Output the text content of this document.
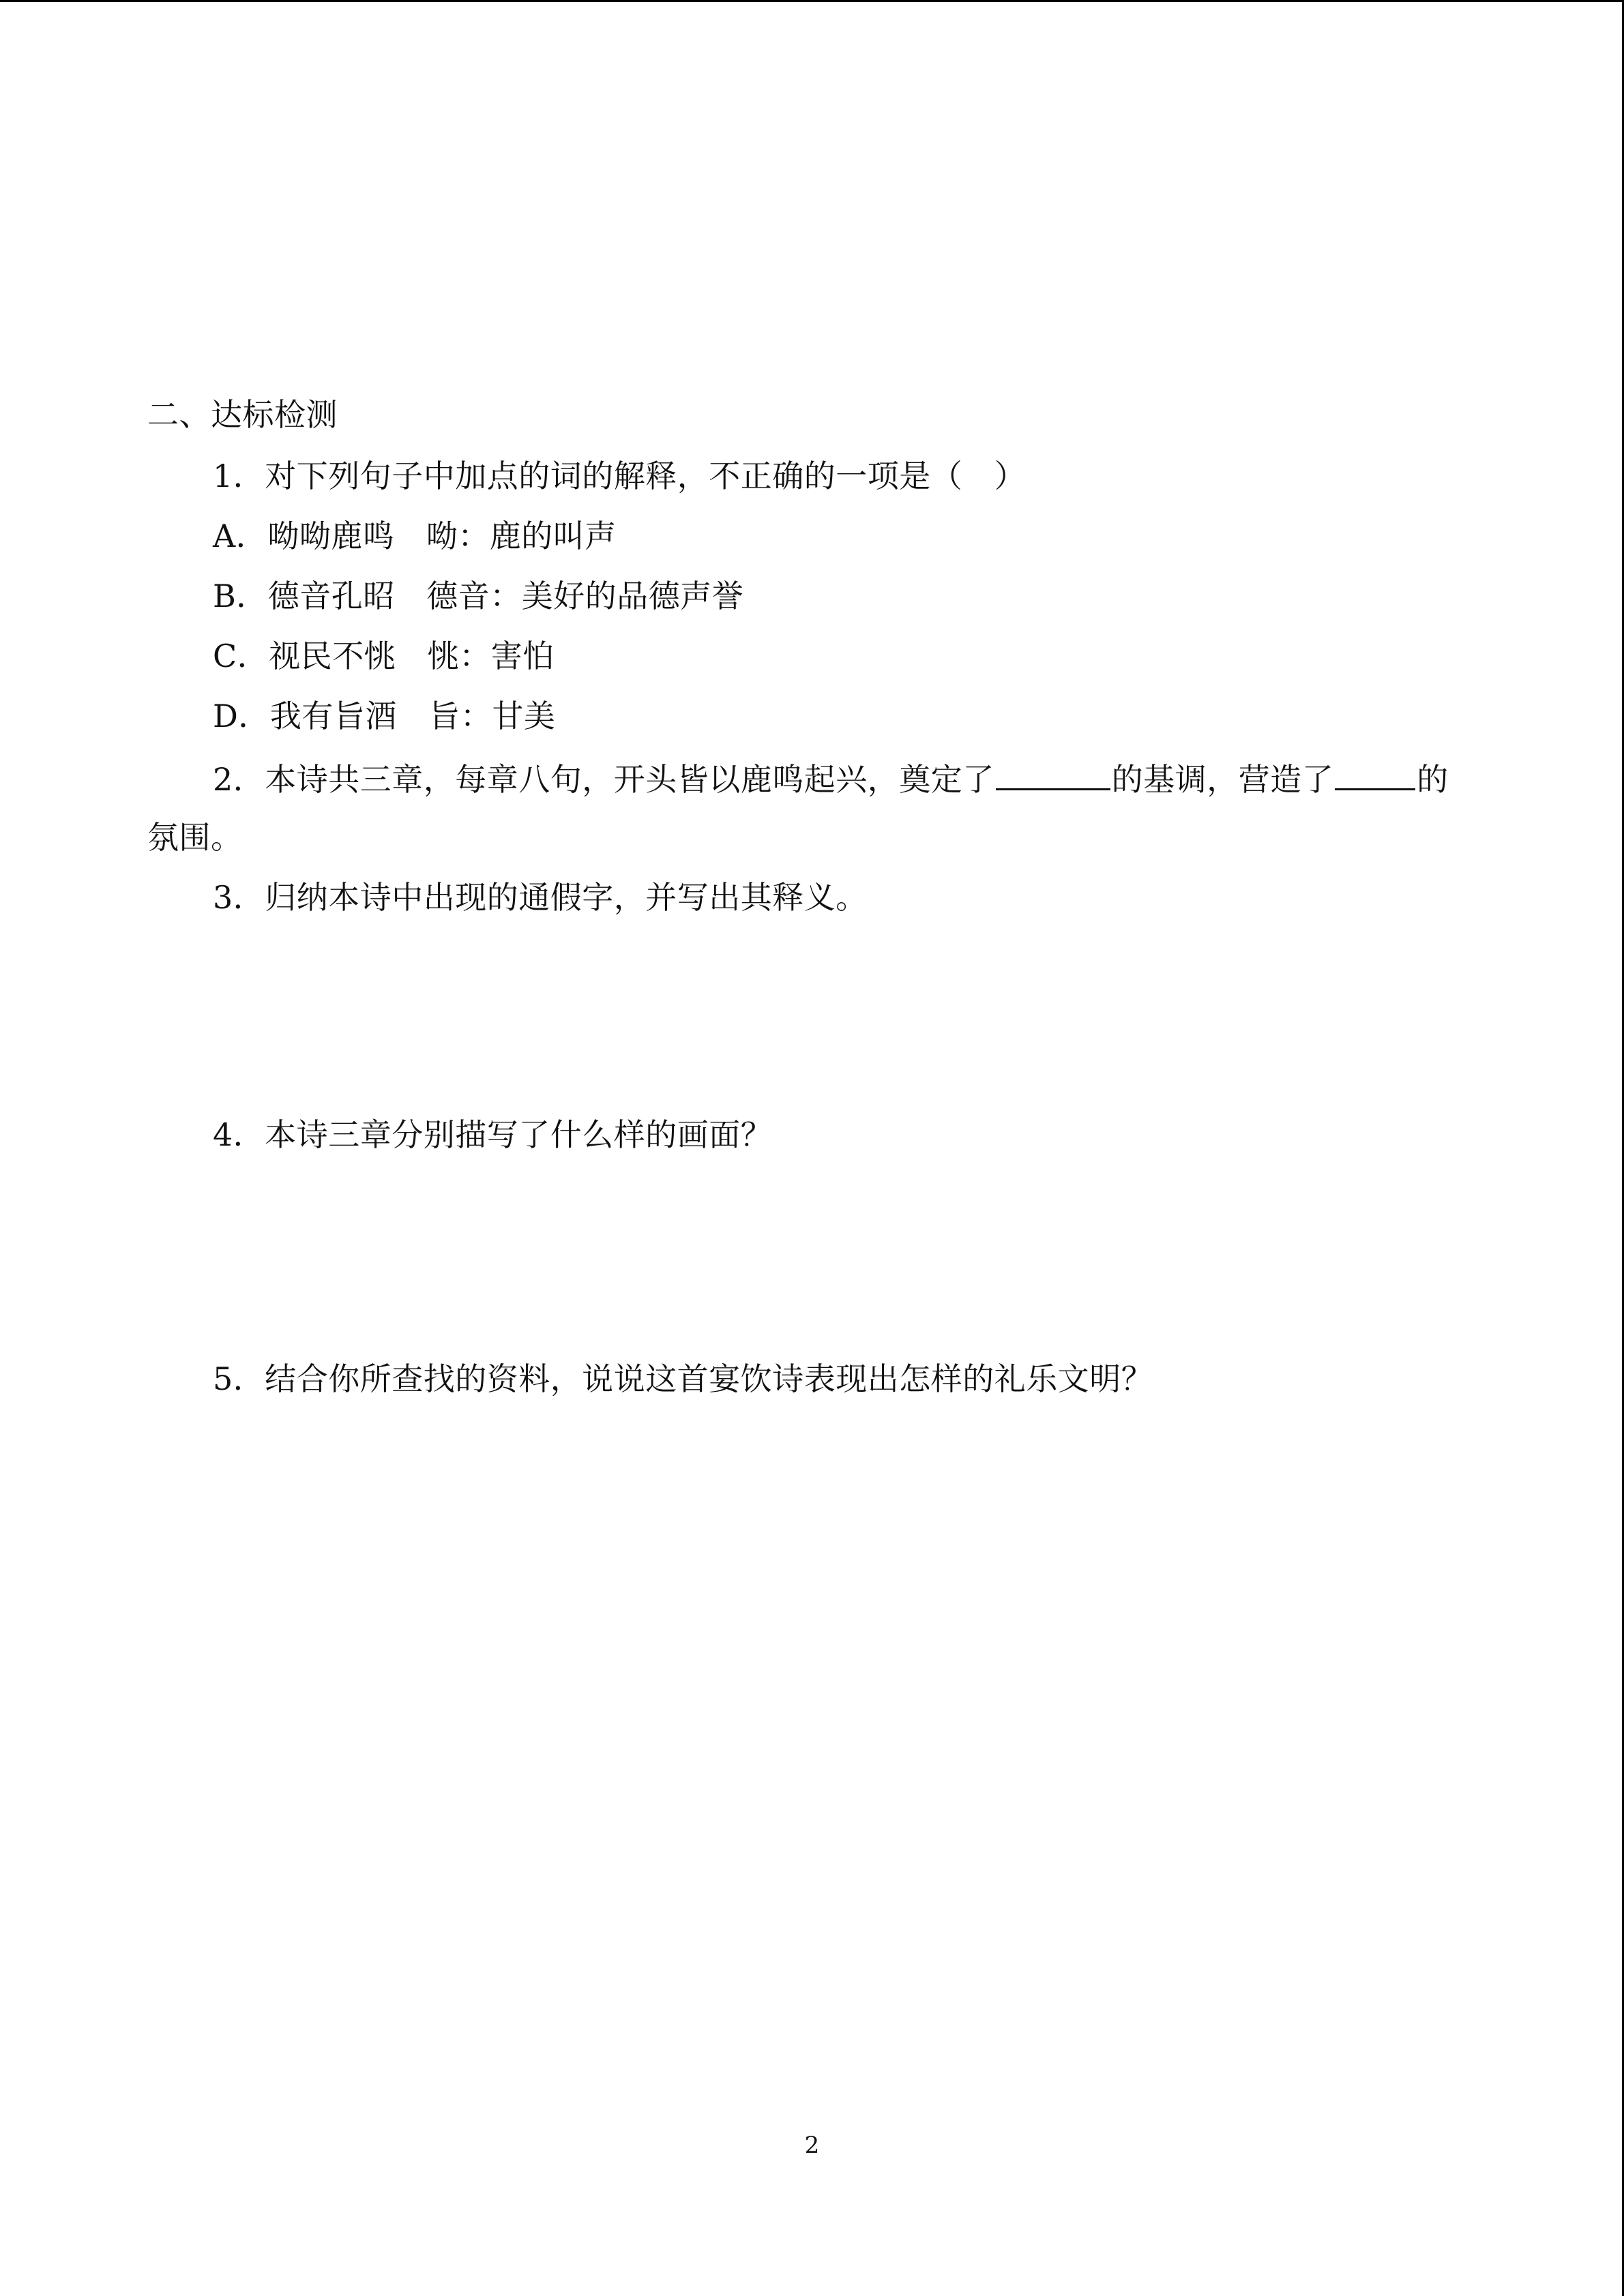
二、达标检测
1．对下列句子中加点的词的解释，不正确的一项是（　）
A．呦呦鹿鸣　呦：鹿的叫声
B．德音孔昭　德音：美好的品德声誉
C．视民不恌　恌：害怕
D．我有旨酒　旨：甘美
2．本诗共三章，每章八句，开头皆以鹿鸣起兴，奠定了	的基调，营造了	的
氛围。
3．归纳本诗中出现的通假字，并写出其释义。
4．本诗三章分别描写了什么样的画面？
5．结合你所查找的资料，说说这首宴饮诗表现出怎样的礼乐文明？
2
